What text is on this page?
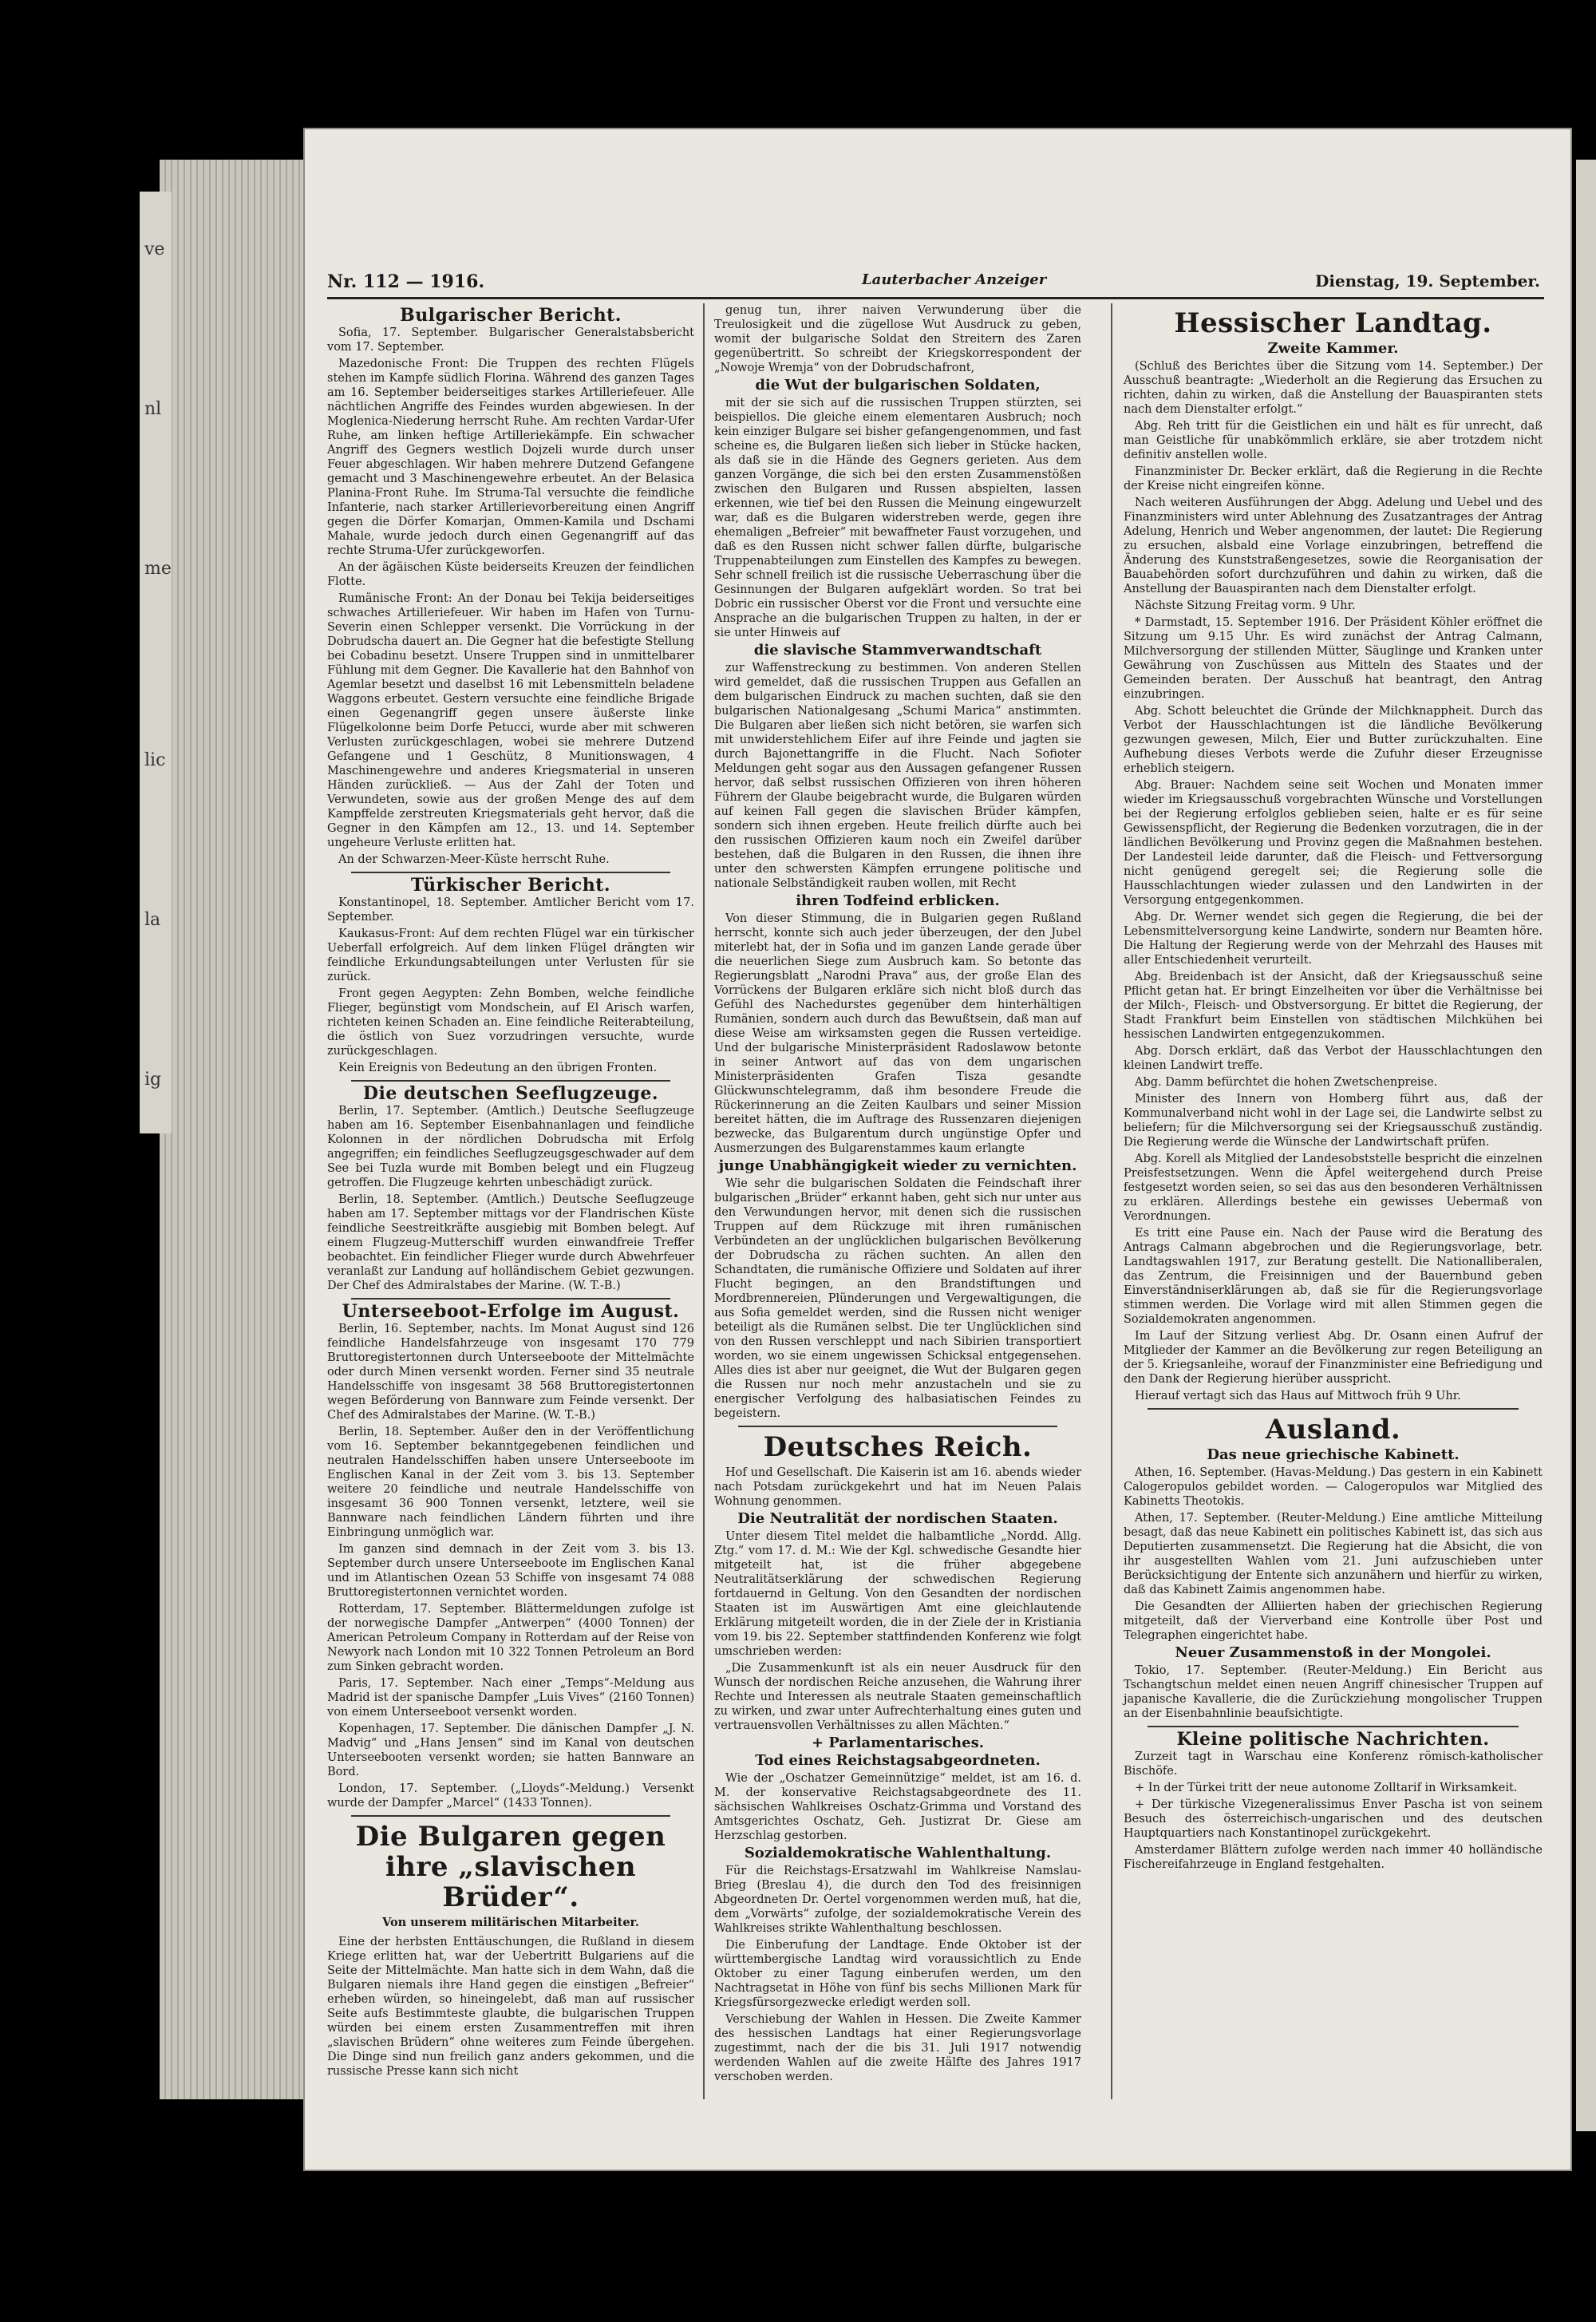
ve
nl
me
lic
la
ig
Nr. 112 — 1916.	Lauterbacher Anzeiger	Dienstag, 19. September.
Bulgarischer Bericht.

Sofia, 17. September. Bulgarischer Generalstabsbericht vom 17. September.

Mazedonische Front: Die Truppen des rechten Flügels stehen im Kampfe südlich Florina. Während des ganzen Tages am 16. September beiderseitiges starkes Artilleriefeuer. Alle nächtlichen Angriffe des Feindes wurden abgewiesen. In der Moglenica-Niederung herrscht Ruhe. Am rechten Vardar-Ufer Ruhe, am linken heftige Artilleriekämpfe. Ein schwacher Angriff des Gegners westlich Dojzeli wurde durch unser Feuer abgeschlagen. Wir haben mehrere Dutzend Gefangene gemacht und 3 Maschinengewehre erbeutet. An der Belasica Planina-Front Ruhe. Im Struma-Tal versuchte die feindliche Infanterie, nach starker Artillerievorbereitung einen Angriff gegen die Dörfer Komarjan, Ommen-Kamila und Dschami Mahale, wurde jedoch durch einen Gegenangriff auf das rechte Struma-Ufer zurückgeworfen.

An der ägäischen Küste beiderseits Kreuzen der feindlichen Flotte.

Rumänische Front: An der Donau bei Tekija beiderseitiges schwaches Artilleriefeuer. Wir haben im Hafen von Turnu-Severin einen Schlepper versenkt. Die Vorrückung in der Dobrudscha dauert an. Die Gegner hat die befestigte Stellung bei Cobadinu besetzt. Unsere Truppen sind in unmittelbarer Fühlung mit dem Gegner. Die Kavallerie hat den Bahnhof von Agemlar besetzt und daselbst 16 mit Lebensmitteln beladene Waggons erbeutet. Gestern versuchte eine feindliche Brigade einen Gegenangriff gegen unsere äußerste linke Flügelkolonne beim Dorfe Petucci, wurde aber mit schweren Verlusten zurückgeschlagen, wobei sie mehrere Dutzend Gefangene und 1 Geschütz, 8 Munitionswagen, 4 Maschinengewehre und anderes Kriegsmaterial in unseren Händen zurückließ. — Aus der Zahl der Toten und Verwundeten, sowie aus der großen Menge des auf dem Kampffelde zerstreuten Kriegsmaterials geht hervor, daß die Gegner in den Kämpfen am 12., 13. und 14. September ungeheure Verluste erlitten hat.

An der Schwarzen-Meer-Küste herrscht Ruhe.

Türkischer Bericht.

Konstantinopel, 18. September. Amtlicher Bericht vom 17. September.

Kaukasus-Front: Auf dem rechten Flügel war ein türkischer Ueberfall erfolgreich. Auf dem linken Flügel drängten wir feindliche Erkundungsabteilungen unter Verlusten für sie zurück.

Front gegen Aegypten: Zehn Bomben, welche feindliche Flieger, begünstigt vom Mondschein, auf El Arisch warfen, richteten keinen Schaden an. Eine feindliche Reiterabteilung, die östlich von Suez vorzudringen versuchte, wurde zurückgeschlagen.

Kein Ereignis von Bedeutung an den übrigen Fronten.

Die deutschen Seeflugzeuge.

Berlin, 17. September. (Amtlich.) Deutsche Seeflugzeuge haben am 16. September Eisenbahnanlagen und feindliche Kolonnen in der nördlichen Dobrudscha mit Erfolg angegriffen; ein feindliches Seeflugzeugsgeschwader auf dem See bei Tuzla wurde mit Bomben belegt und ein Flugzeug getroffen. Die Flugzeuge kehrten unbeschädigt zurück.

Berlin, 18. September. (Amtlich.) Deutsche Seeflugzeuge haben am 17. September mittags vor der Flandrischen Küste feindliche Seestreitkräfte ausgiebig mit Bomben belegt. Auf einem Flugzeug-Mutterschiff wurden einwandfreie Treffer beobachtet. Ein feindlicher Flieger wurde durch Abwehrfeuer veranlaßt zur Landung auf holländischem Gebiet gezwungen. Der Chef des Admiralstabes der Marine. (W. T.-B.)

Unterseeboot-Erfolge im August.

Berlin, 16. September, nachts. Im Monat August sind 126 feindliche Handelsfahrzeuge von insgesamt 170 779 Bruttoregistertonnen durch Unterseeboote der Mittelmächte oder durch Minen versenkt worden. Ferner sind 35 neutrale Handelsschiffe von insgesamt 38 568 Bruttoregistertonnen wegen Beförderung von Bannware zum Feinde versenkt. Der Chef des Admiralstabes der Marine. (W. T.-B.)

Berlin, 18. September. Außer den in der Veröffentlichung vom 16. September bekanntgegebenen feindlichen und neutralen Handelsschiffen haben unsere Unterseeboote im Englischen Kanal in der Zeit vom 3. bis 13. September weitere 20 feindliche und neutrale Handelsschiffe von insgesamt 36 900 Tonnen versenkt, letztere, weil sie Bannware nach feindlichen Ländern führten und ihre Einbringung unmöglich war.

Im ganzen sind demnach in der Zeit vom 3. bis 13. September durch unsere Unterseeboote im Englischen Kanal und im Atlantischen Ozean 53 Schiffe von insgesamt 74 088 Bruttoregistertonnen vernichtet worden.

Rotterdam, 17. September. Blättermeldungen zufolge ist der norwegische Dampfer „Antwerpen“ (4000 Tonnen) der American Petroleum Company in Rotterdam auf der Reise von Newyork nach London mit 10 322 Tonnen Petroleum an Bord zum Sinken gebracht worden.

Paris, 17. September. Nach einer „Temps“-Meldung aus Madrid ist der spanische Dampfer „Luis Vives“ (2160 Tonnen) von einem Unterseeboot versenkt worden.

Kopenhagen, 17. September. Die dänischen Dampfer „J. N. Madvig“ und „Hans Jensen“ sind im Kanal von deutschen Unterseebooten versenkt worden; sie hatten Bannware an Bord.

London, 17. September. („Lloyds“-Meldung.) Versenkt wurde der Dampfer „Marcel“ (1433 Tonnen).

Die Bulgaren gegen ihre „slavischen Brüder“.
Von unserem militärischen Mitarbeiter.

Eine der herbsten Enttäuschungen, die Rußland in diesem Kriege erlitten hat, war der Uebertritt Bulgariens auf die Seite der Mittelmächte. Man hatte sich in dem Wahn, daß die Bulgaren niemals ihre Hand gegen die einstigen „Befreier“ erheben würden, so hineingelebt, daß man auf russischer Seite aufs Bestimmteste glaubte, die bulgarischen Truppen würden bei einem ersten Zusammentreffen mit ihren „slavischen Brüdern“ ohne weiteres zum Feinde übergehen. Die Dinge sind nun freilich ganz anders gekommen, und die russische Presse kann sich nicht

genug tun, ihrer naiven Verwunderung über die Treulosigkeit und die zügellose Wut Ausdruck zu geben, womit der bulgarische Soldat den Streitern des Zaren gegenübertritt. So schreibt der Kriegskorrespondent der „Nowoje Wremja“ von der Dobrudschafront,

die Wut der bulgarischen Soldaten,

mit der sie sich auf die russischen Truppen stürzten, sei beispiellos. Die gleiche einem elementaren Ausbruch; noch kein einziger Bulgare sei bisher gefangengenommen, und fast scheine es, die Bulgaren ließen sich lieber in Stücke hacken, als daß sie in die Hände des Gegners gerieten. Aus dem ganzen Vorgänge, die sich bei den ersten Zusammenstößen zwischen den Bulgaren und Russen abspielten, lassen erkennen, wie tief bei den Russen die Meinung eingewurzelt war, daß es die Bulgaren widerstreben werde, gegen ihre ehemaligen „Befreier“ mit bewaffneter Faust vorzugehen, und daß es den Russen nicht schwer fallen dürfte, bulgarische Truppenabteilungen zum Einstellen des Kampfes zu bewegen. Sehr schnell freilich ist die russische Ueberraschung über die Gesinnungen der Bulgaren aufgeklärt worden. So trat bei Dobric ein russischer Oberst vor die Front und versuchte eine Ansprache an die bulgarischen Truppen zu halten, in der er sie unter Hinweis auf

die slavische Stammverwandtschaft

zur Waffenstreckung zu bestimmen. Von anderen Stellen wird gemeldet, daß die russischen Truppen aus Gefallen an dem bulgarischen Eindruck zu machen suchten, daß sie den bulgarischen Nationalgesang „Schumi Marica“ anstimmten. Die Bulgaren aber ließen sich nicht betören, sie warfen sich mit unwiderstehlichem Eifer auf ihre Feinde und jagten sie durch Bajonettangriffe in die Flucht. Nach Sofioter Meldungen geht sogar aus den Aussagen gefangener Russen hervor, daß selbst russischen Offizieren von ihren höheren Führern der Glaube beigebracht wurde, die Bulgaren würden auf keinen Fall gegen die slavischen Brüder kämpfen, sondern sich ihnen ergeben. Heute freilich dürfte auch bei den russischen Offizieren kaum noch ein Zweifel darüber bestehen, daß die Bulgaren in den Russen, die ihnen ihre unter den schwersten Kämpfen errungene politische und nationale Selbständigkeit rauben wollen, mit Recht

ihren Todfeind erblicken.

Von dieser Stimmung, die in Bulgarien gegen Rußland herrscht, konnte sich auch jeder überzeugen, der den Jubel miterlebt hat, der in Sofia und im ganzen Lande gerade über die neuerlichen Siege zum Ausbruch kam. So betonte das Regierungsblatt „Narodni Prava“ aus, der große Elan des Vorrückens der Bulgaren erkläre sich nicht bloß durch das Gefühl des Nachedurstes gegenüber dem hinterhältigen Rumänien, sondern auch durch das Bewußtsein, daß man auf diese Weise am wirksamsten gegen die Russen verteidige. Und der bulgarische Ministerpräsident Radoslawow betonte in seiner Antwort auf das von dem ungarischen Ministerpräsidenten Grafen Tisza gesandte Glückwunschtelegramm, daß ihm besondere Freude die Rückerinnerung an die Zeiten Kaulbars und seiner Mission bereitet hätten, die im Auftrage des Russenzaren diejenigen bezwecke, das Bulgarentum durch ungünstige Opfer und Ausmerzungen des Bulgarenstammes kaum erlangte

junge Unabhängigkeit wieder zu vernichten.

Wie sehr die bulgarischen Soldaten die Feindschaft ihrer bulgarischen „Brüder“ erkannt haben, geht sich nur unter aus den Verwundungen hervor, mit denen sich die russischen Truppen auf dem Rückzuge mit ihren rumänischen Verbündeten an der unglücklichen bulgarischen Bevölkerung der Dobrudscha zu rächen suchten. An allen den Schandtaten, die rumänische Offiziere und Soldaten auf ihrer Flucht begingen, an den Brandstiftungen und Mordbrennereien, Plünderungen und Vergewaltigungen, die aus Sofia gemeldet werden, sind die Russen nicht weniger beteiligt als die Rumänen selbst. Die ter Unglücklichen sind von den Russen verschleppt und nach Sibirien transportiert worden, wo sie einem ungewissen Schicksal entgegensehen. Alles dies ist aber nur geeignet, die Wut der Bulgaren gegen die Russen nur noch mehr anzustacheln und sie zu energischer Verfolgung des halbasiatischen Feindes zu begeistern.

Deutsches Reich.

Hof und Gesellschaft. Die Kaiserin ist am 16. abends wieder nach Potsdam zurückgekehrt und hat im Neuen Palais Wohnung genommen.

Die Neutralität der nordischen Staaten.

Unter diesem Titel meldet die halbamtliche „Nordd. Allg. Ztg.“ vom 17. d. M.: Wie der Kgl. schwedische Gesandte hier mitgeteilt hat, ist die früher abgegebene Neutralitätserklärung der schwedischen Regierung fortdauernd in Geltung. Von den Gesandten der nordischen Staaten ist im Auswärtigen Amt eine gleichlautende Erklärung mitgeteilt worden, die in der Ziele der in Kristiania vom 19. bis 22. September stattfindenden Konferenz wie folgt umschrieben werden:

„Die Zusammenkunft ist als ein neuer Ausdruck für den Wunsch der nordischen Reiche anzusehen, die Wahrung ihrer Rechte und Interessen als neutrale Staaten gemeinschaftlich zu wirken, und zwar unter Aufrechterhaltung eines guten und vertrauensvollen Verhältnisses zu allen Mächten.“

+ Parlamentarisches.
Tod eines Reichstagsabgeordneten.

Wie der „Oschatzer Gemeinnützige“ meldet, ist am 16. d. M. der konservative Reichstagsabgeordnete des 11. sächsischen Wahlkreises Oschatz-Grimma und Vorstand des Amtsgerichtes Oschatz, Geh. Justizrat Dr. Giese am Herzschlag gestorben.

Sozialdemokratische Wahlenthaltung.

Für die Reichstags-Ersatzwahl im Wahlkreise Namslau-Brieg (Breslau 4), die durch den Tod des freisinnigen Abgeordneten Dr. Oertel vorgenommen werden muß, hat die, dem „Vorwärts“ zufolge, der sozialdemokratische Verein des Wahlkreises strikte Wahlenthaltung beschlossen.

Die Einberufung der Landtage. Ende Oktober ist der württembergische Landtag wird voraussichtlich zu Ende Oktober zu einer Tagung einberufen werden, um den Nachtragsetat in Höhe von fünf bis sechs Millionen Mark für Kriegsfürsorgezwecke erledigt werden soll.

Verschiebung der Wahlen in Hessen. Die Zweite Kammer des hessischen Landtags hat einer Regierungsvorlage zugestimmt, nach der die bis 31. Juli 1917 notwendig werdenden Wahlen auf die zweite Hälfte des Jahres 1917 verschoben werden.

Hessischer Landtag.
Zweite Kammer.

(Schluß des Berichtes über die Sitzung vom 14. September.) Der Ausschuß beantragte: „Wiederholt an die Regierung das Ersuchen zu richten, dahin zu wirken, daß die Anstellung der Bauaspiranten stets nach dem Dienstalter erfolgt.“

Abg. Reh tritt für die Geistlichen ein und hält es für unrecht, daß man Geistliche für unabkömmlich erkläre, sie aber trotzdem nicht definitiv anstellen wolle.

Finanzminister Dr. Becker erklärt, daß die Regierung in die Rechte der Kreise nicht eingreifen könne.

Nach weiteren Ausführungen der Abgg. Adelung und Uebel und des Finanzministers wird unter Ablehnung des Zusatzantrages der Antrag Adelung, Henrich und Weber angenommen, der lautet: Die Regierung zu ersuchen, alsbald eine Vorlage einzubringen, betreffend die Änderung des Kunststraßengesetzes, sowie die Reorganisation der Bauabehörden sofort durchzuführen und dahin zu wirken, daß die Anstellung der Bauaspiranten nach dem Dienstalter erfolgt.

Nächste Sitzung Freitag vorm. 9 Uhr.

* Darmstadt, 15. September 1916. Der Präsident Köhler eröffnet die Sitzung um 9.15 Uhr. Es wird zunächst der Antrag Calmann, Milchversorgung der stillenden Mütter, Säuglinge und Kranken unter Gewährung von Zuschüssen aus Mitteln des Staates und der Gemeinden beraten. Der Ausschuß hat beantragt, den Antrag einzubringen.

Abg. Schott beleuchtet die Gründe der Milchknappheit. Durch das Verbot der Hausschlachtungen ist die ländliche Bevölkerung gezwungen gewesen, Milch, Eier und Butter zurückzuhalten. Eine Aufhebung dieses Verbots werde die Zufuhr dieser Erzeugnisse erheblich steigern.

Abg. Brauer: Nachdem seine seit Wochen und Monaten immer wieder im Kriegsausschuß vorgebrachten Wünsche und Vorstellungen bei der Regierung erfolglos geblieben seien, halte er es für seine Gewissenspflicht, der Regierung die Bedenken vorzutragen, die in der ländlichen Bevölkerung und Provinz gegen die Maßnahmen bestehen. Der Landesteil leide darunter, daß die Fleisch- und Fettversorgung nicht genügend geregelt sei; die Regierung solle die Hausschlachtungen wieder zulassen und den Landwirten in der Versorgung entgegenkommen.

Abg. Dr. Werner wendet sich gegen die Regierung, die bei der Lebensmittelversorgung keine Landwirte, sondern nur Beamten höre. Die Haltung der Regierung werde von der Mehrzahl des Hauses mit aller Entschiedenheit verurteilt.

Abg. Breidenbach ist der Ansicht, daß der Kriegsausschuß seine Pflicht getan hat. Er bringt Einzelheiten vor über die Verhältnisse bei der Milch-, Fleisch- und Obstversorgung. Er bittet die Regierung, der Stadt Frankfurt beim Einstellen von städtischen Milchkühen bei hessischen Landwirten entgegenzukommen.

Abg. Dorsch erklärt, daß das Verbot der Hausschlachtungen den kleinen Landwirt treffe.

Abg. Damm befürchtet die hohen Zwetschenpreise.

Minister des Innern von Homberg führt aus, daß der Kommunalverband nicht wohl in der Lage sei, die Landwirte selbst zu beliefern; für die Milchversorgung sei der Kriegsausschuß zuständig. Die Regierung werde die Wünsche der Landwirtschaft prüfen.

Abg. Korell als Mitglied der Landesobststelle bespricht die einzelnen Preisfestsetzungen. Wenn die Äpfel weitergehend durch Preise festgesetzt worden seien, so sei das aus den besonderen Verhältnissen zu erklären. Allerdings bestehe ein gewisses Uebermaß von Verordnungen.

Es tritt eine Pause ein. Nach der Pause wird die Beratung des Antrags Calmann abgebrochen und die Regierungsvorlage, betr. Landtagswahlen 1917, zur Beratung gestellt. Die Nationalliberalen, das Zentrum, die Freisinnigen und der Bauernbund geben Einverständniserklärungen ab, daß sie für die Regierungsvorlage stimmen werden. Die Vorlage wird mit allen Stimmen gegen die Sozialdemokraten angenommen.

Im Lauf der Sitzung verliest Abg. Dr. Osann einen Aufruf der Mitglieder der Kammer an die Bevölkerung zur regen Beteiligung an der 5. Kriegsanleihe, worauf der Finanzminister eine Befriedigung und den Dank der Regierung hierüber ausspricht.

Hierauf vertagt sich das Haus auf Mittwoch früh 9 Uhr.

Ausland.
Das neue griechische Kabinett.

Athen, 16. September. (Havas-Meldung.) Das gestern in ein Kabinett Calogeropulos gebildet worden. — Calogeropulos war Mitglied des Kabinetts Theotokis.

Athen, 17. September. (Reuter-Meldung.) Eine amtliche Mitteilung besagt, daß das neue Kabinett ein politisches Kabinett ist, das sich aus Deputierten zusammensetzt. Die Regierung hat die Absicht, die von ihr ausgestellten Wahlen vom 21. Juni aufzuschieben unter Berücksichtigung der Entente sich anzunähern und hierfür zu wirken, daß das Kabinett Zaimis angenommen habe.

Die Gesandten der Alliierten haben der griechischen Regierung mitgeteilt, daß der Vierverband eine Kontrolle über Post und Telegraphen eingerichtet habe.

Neuer Zusammenstoß in der Mongolei.

Tokio, 17. September. (Reuter-Meldung.) Ein Bericht aus Tschangtschun meldet einen neuen Angriff chinesischer Truppen auf japanische Kavallerie, die die Zurückziehung mongolischer Truppen an der Eisenbahnlinie beaufsichtigte.

Kleine politische Nachrichten.

Zurzeit tagt in Warschau eine Konferenz römisch-katholischer Bischöfe.

+ In der Türkei tritt der neue autonome Zolltarif in Wirksamkeit.

+ Der türkische Vizegeneralissimus Enver Pascha ist von seinem Besuch des österreichisch-ungarischen und des deutschen Hauptquartiers nach Konstantinopel zurückgekehrt.

Amsterdamer Blättern zufolge werden nach immer 40 holländische Fischereifahrzeuge in England festgehalten.
